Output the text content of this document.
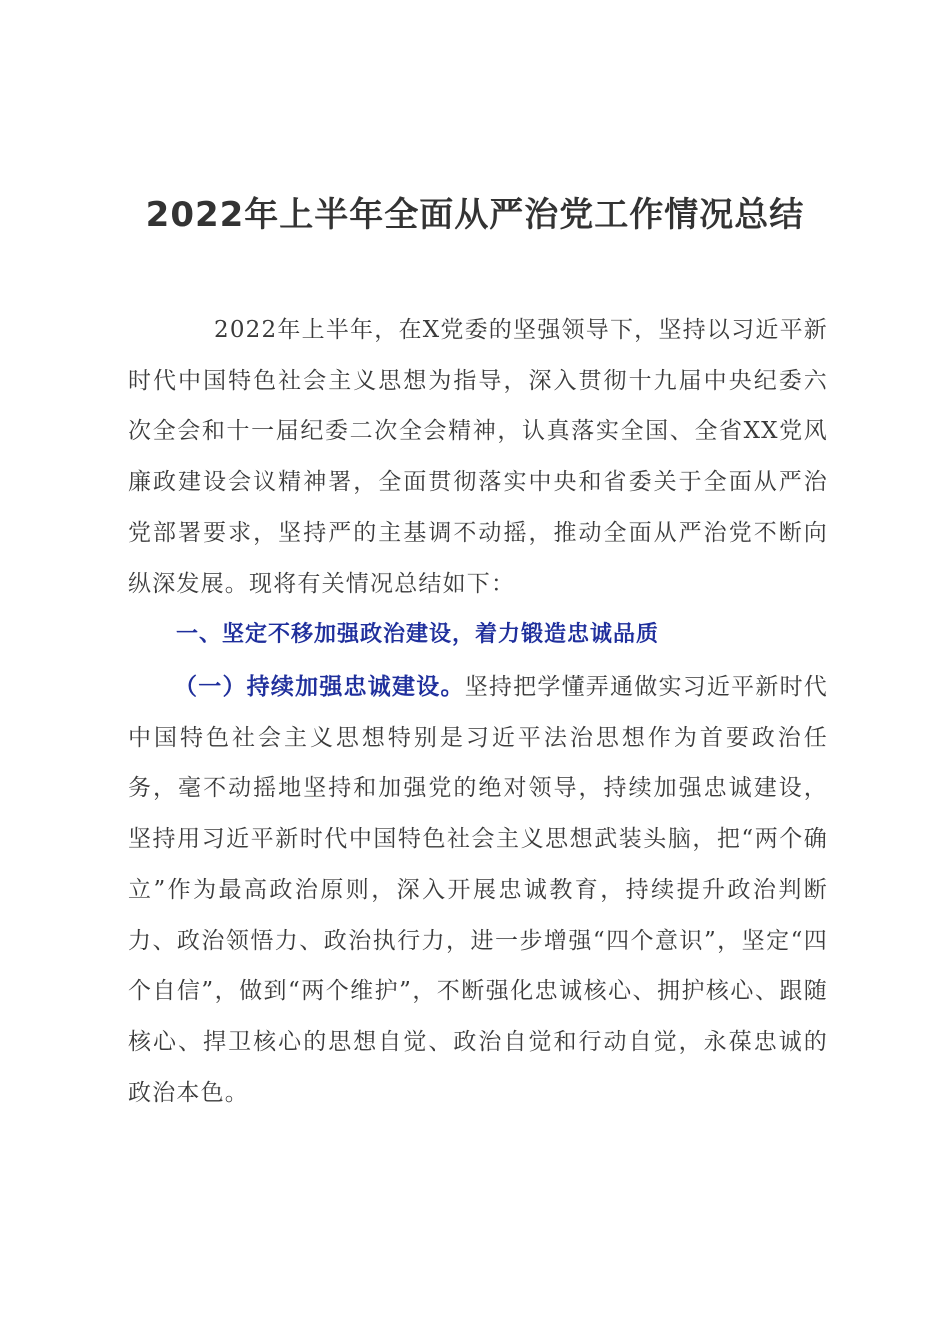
2022年上半年全面从严治党工作情况总结

2022年上半年，在X党委的坚强领导下，坚持以习近平新时代中国特色社会主义思想为指导，深入贯彻十九届中央纪委六次全会和十一届纪委二次全会精神，认真落实全国、全省XX党风廉政建设会议精神署，全面贯彻落实中央和省委关于全面从严治党部署要求，坚持严的主基调不动摇，推动全面从严治党不断向纵深发展。现将有关情况总结如下：

一、坚定不移加强政治建设，着力锻造忠诚品质

（一）持续加强忠诚建设。坚持把学懂弄通做实习近平新时代中国特色社会主义思想特别是习近平法治思想作为首要政治任务，毫不动摇地坚持和加强党的绝对领导，持续加强忠诚建设，坚持用习近平新时代中国特色社会主义思想武装头脑，把“两个确立”作为最高政治原则，深入开展忠诚教育，持续提升政治判断力、政治领悟力、政治执行力，进一步增强“四个意识”，坚定“四个自信”，做到“两个维护”，不断强化忠诚核心、拥护核心、跟随核心、捍卫核心的思想自觉、政治自觉和行动自觉，永葆忠诚的政治本色。
